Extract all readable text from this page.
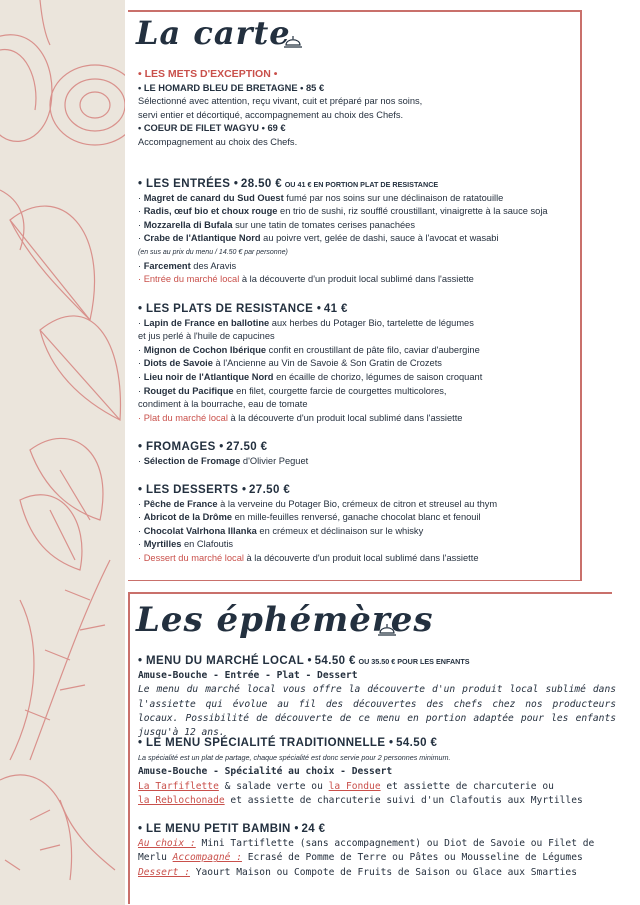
La carte
• LES METS D'EXCEPTION •
• LE HOMARD BLEU DE BRETAGNE • 85 €
Sélectionné avec attention, reçu vivant, cuit et préparé par nos soins,
servi entier et décortiqué, accompagnement au choix des Chefs.
• COEUR DE FILET WAGYU • 69 €
Accompagnement au choix des Chefs.
• LES ENTRÉES • 28.50 € OU 41 € EN PORTION PLAT DE RESISTANCE
· Magret de canard du Sud Ouest fumé par nos soins sur une déclinaison de ratatouille
· Radis, œuf bio et choux rouge en trio de sushi, riz soufflé croustillant, vinaigrette à la sauce soja
· Mozzarella di Bufala sur une tatin de tomates cerises panachées
· Crabe de l'Atlantique Nord au poivre vert, gelée de dashi, sauce à l'avocat et wasabi
(en sus au prix du menu / 14.50 € par personne)
· Farcement des Aravis
· Entrée du marché local à la découverte d'un produit local sublimé dans l'assiette
• LES PLATS DE RESISTANCE • 41 €
· Lapin de France en ballotine aux herbes du Potager Bio, tartelette de légumes
et jus perlé à l'huile de capucines
· Mignon de Cochon Ibérique confit en croustillant de pâte filo, caviar d'aubergine
· Diots de Savoie à l'Ancienne au Vin de Savoie & Son Gratin de Crozets
· Lieu noir de l'Atlantique Nord en écaille de chorizo, légumes de saison croquant
· Rouget du Pacifique en filet, courgette farcie de courgettes multicolores,
condiment à la bourrache, eau de tomate
· Plat du marché local à la découverte d'un produit local sublimé dans l'assiette
• FROMAGES • 27.50 €
· Sélection de Fromage d'Olivier Peguet
• LES DESSERTS • 27.50 €
· Pêche de France à la verveine du Potager Bio, crémeux de citron et streusel au thym
· Abricot de la Drôme en mille-feuilles renversé, ganache chocolat blanc et fenouil
· Chocolat Valrhona Illanka en crémeux et déclinaison sur le whisky
· Myrtilles en Clafoutis
· Dessert du marché local à la découverte d'un produit local sublimé dans l'assiette
Les éphémères
• MENU DU MARCHÉ LOCAL • 54.50 € OU 35.50 € POUR LES ENFANTS
Amuse-Bouche - Entrée - Plat - Dessert
Le menu du marché local vous offre la découverte d'un produit local sublimé dans l'assiette qui évolue au fil des découvertes des chefs chez nos producteurs locaux. Possibilité de découverte de ce menu en portion adaptée pour les enfants jusqu'à 12 ans.
• LE MENU SPÉCIALITÉ TRADITIONNELLE • 54.50 €
La spécialité est un plat de partage, chaque spécialité est donc servie pour 2 personnes minimum.
Amuse-Bouche - Spécialité au choix - Dessert
La Tarfiflette & salade verte ou la Fondue et assiette de charcuterie ou
la Reblochonade et assiette de charcuterie suivi d'un Clafoutis aux Myrtilles
• LE MENU PETIT BAMBIN • 24 €
Au choix : Mini Tartiflette (sans accompagnement) ou Diot de Savoie ou Filet de
Merlu Accompagné : Ecrasé de Pomme de Terre ou Pâtes ou Mousseline de Légumes
Dessert : Yaourt Maison ou Compote de Fruits de Saison ou Glace aux Smarties
